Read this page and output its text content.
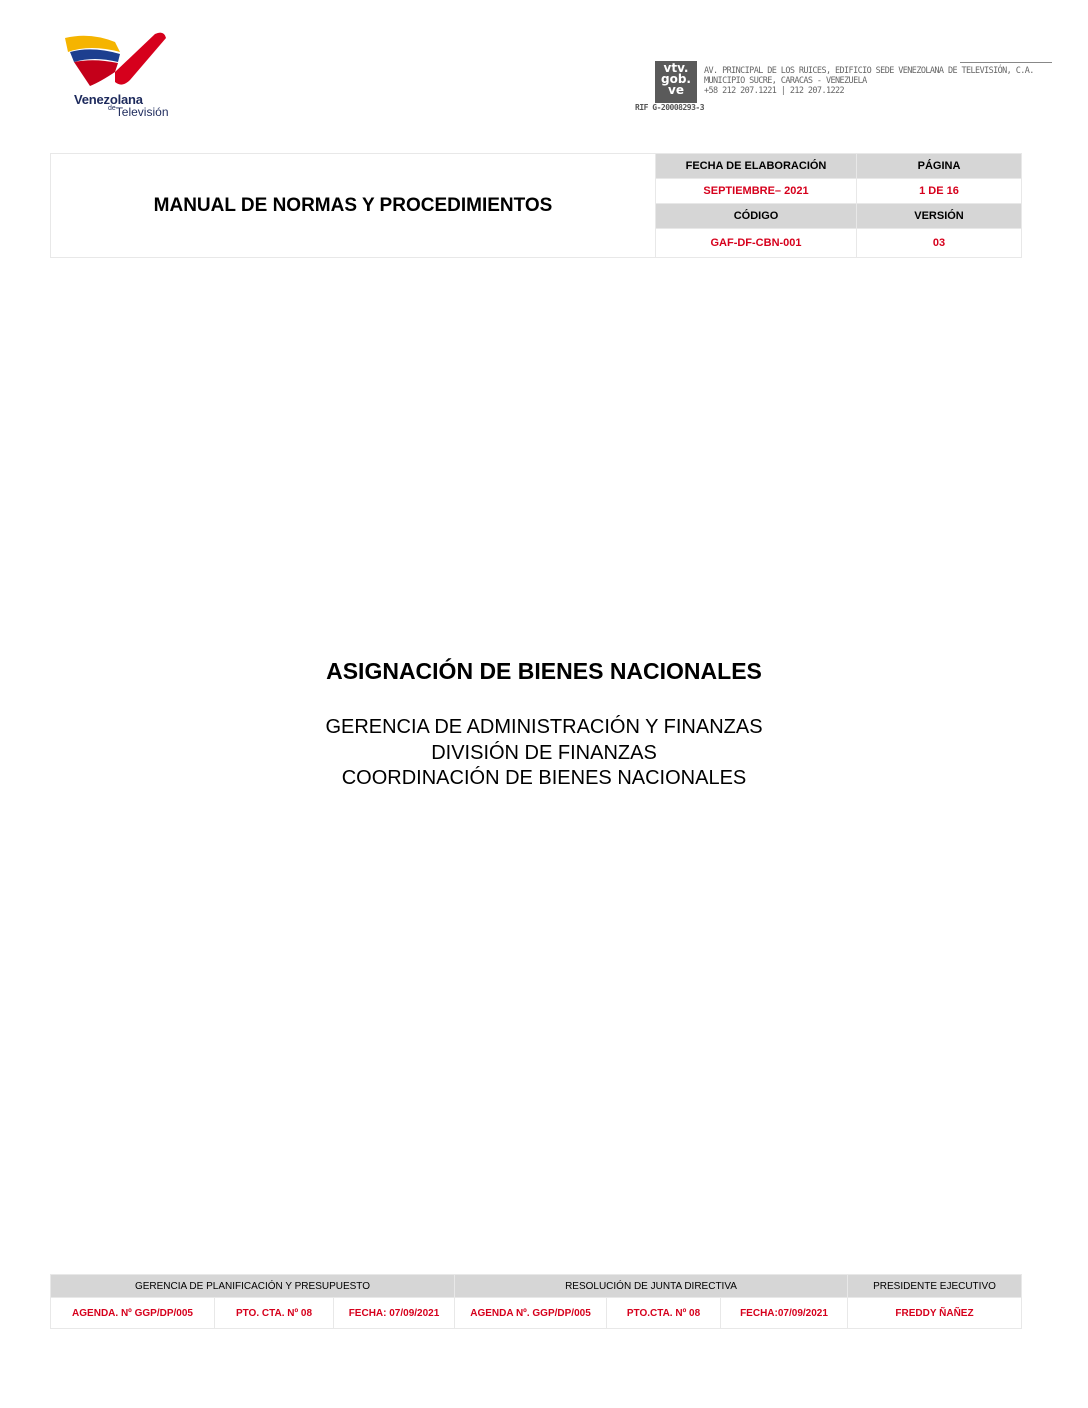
Venezolana
$^{de}$Televisión
vtv.
gob.
ve
RIF G-20008293-3
AV. PRINCIPAL DE LOS RUICES, EDIFICIO SEDE VENEZOLANA DE TELEVISIÓN, C.A.
MUNICIPIO SUCRE, CARACAS - VENEZUELA
+58 212 207.1221 | 212 207.1222
MANUAL DE NORMAS Y PROCEDIMIENTOS	FECHA DE ELABORACIÓN	PÁGINA
	SEPTIEMBRE– 2021	1 DE 16
	CÓDIGO	VERSIÓN
	GAF-DF-CBN-001	03
ASIGNACIÓN DE BIENES NACIONALES
GERENCIA DE ADMINISTRACIÓN Y FINANZAS
DIVISIÓN DE FINANZAS
COORDINACIÓN DE BIENES NACIONALES
GERENCIA DE PLANIFICACIÓN Y PRESUPUESTO			RESOLUCIÓN DE JUNTA DIRECTIVA			PRESIDENTE EJECUTIVO
AGENDA. Nº GGP/DP/005	PTO. CTA. Nº 08	FECHA: 07/09/2021	AGENDA Nº. GGP/DP/005	PTO.CTA. Nº 08	FECHA:07/09/2021	FREDDY ÑAÑEZ
